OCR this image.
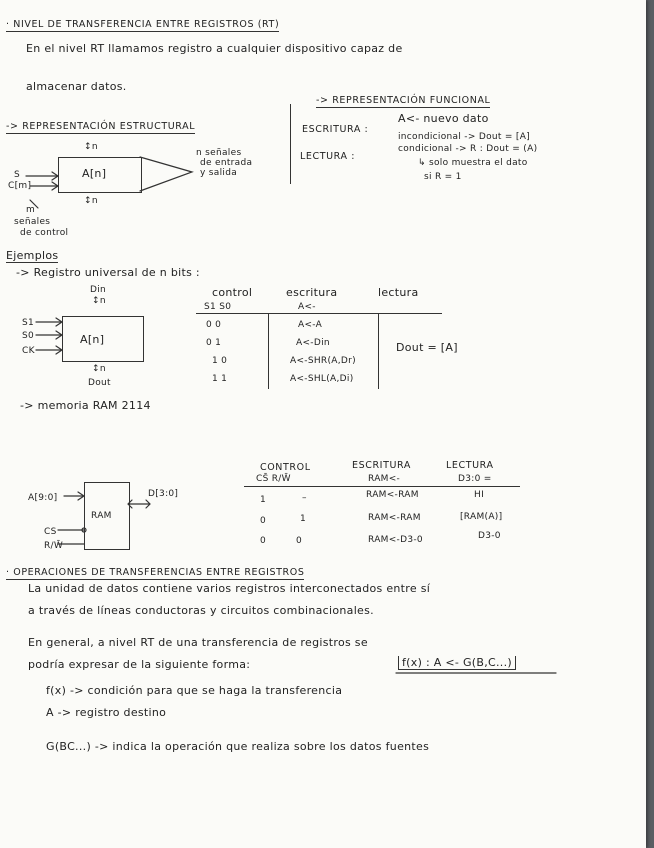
· NIVEL DE TRANSFERENCIA ENTRE REGISTROS (RT)
En el nivel RT llamamos registro a cualquier dispositivo capaz de
almacenar datos.
-> REPRESENTACIÓN ESTRUCTURAL
↕n
A[n]
↕n
S
C[m]
m
señales
de control
n señales
de entrada
y salida
-> REPRESENTACIÓN FUNCIONAL
ESCRITURA :
A<- nuevo dato
LECTURA :
incondicional -> Dout = [A]
condicional -> R : Dout = (A)
↳ solo muestra el dato
si R = 1
Ejemplos
-> Registro universal de n bits :
Din
↕n
A[n]
S1
S0
CK
↕n
Dout
control	escritura	lectura
S1 S0	A<-
0 0	A<-A
0 1	A<-Din
1 0	A<-SHR(A,Dr)
1 1	A<-SHL(A,Di)
Dout = [A]
-> memoria RAM 2114
RAM
A[9:0]	D[3:0]
CS
R/W̄
CONTROL	ESCRITURA	LECTURA
CS̄ R/W̄	RAM<-	D3:0 =
1	–	RAM<-RAM	HI
0	1	RAM<-RAM	[RAM(A)]
0	0	RAM<-D3-0	D3-0
· OPERACIONES DE TRANSFERENCIAS ENTRE REGISTROS
La unidad de datos contiene varios registros interconectados entre sí
a través de líneas conductoras y circuitos combinacionales.
En general, a nivel RT de una transferencia de registros se
podría expresar de la siguiente forma:	f(x) : A <- G(B,C...)
f(x) -> condición para que se haga la transferencia
A -> registro destino
G(BC...) -> indica la operación que realiza sobre los datos fuentes
